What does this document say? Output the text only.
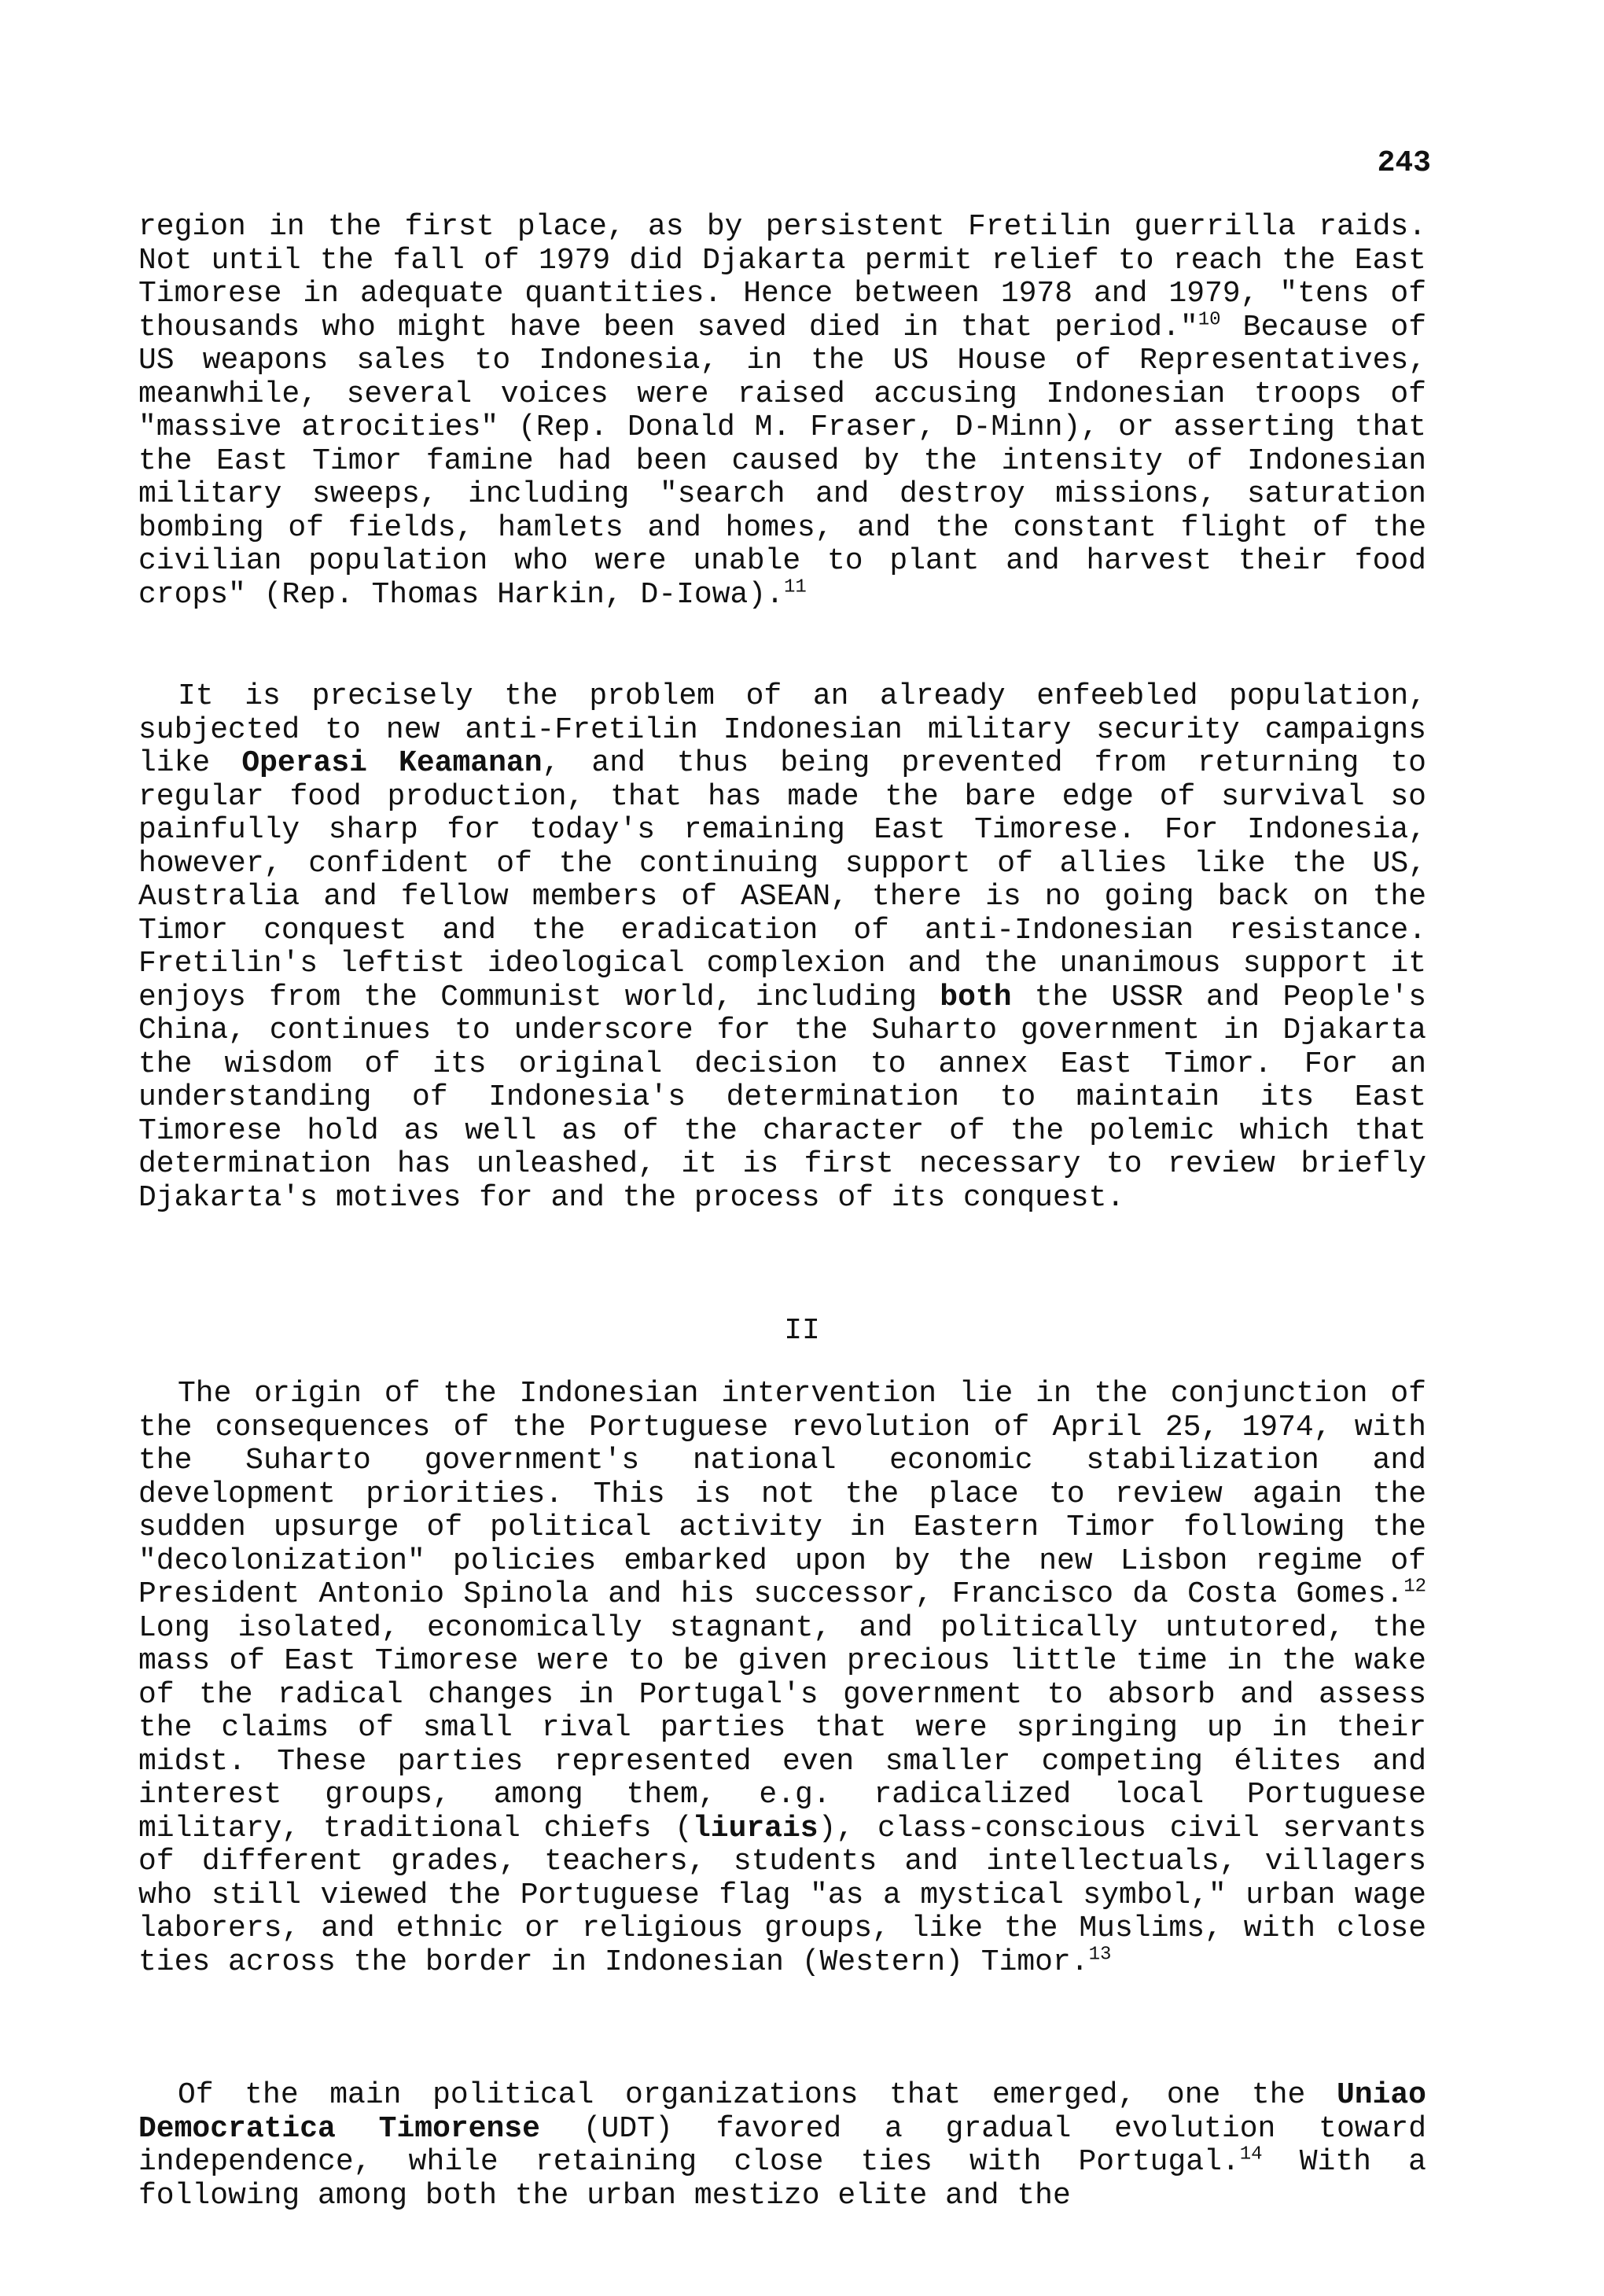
243

region in the first place, as by persistent Fretilin guerrilla raids. Not until the fall of 1979 did Djakarta permit relief to reach the East Timorese in adequate quantities. Hence between 1978 and 1979, "tens of thousands who might have been saved died in that period."$^{10}$ Because of US weapons sales to Indonesia, in the US House of Representatives, meanwhile, several voices were raised accusing Indonesian troops of "massive atrocities" (Rep. Donald M. Fraser, D-Minn), or asserting that the East Timor famine had been caused by the intensity of Indonesian military sweeps, including "search and destroy missions, saturation bombing of fields, hamlets and homes, and the constant flight of the civilian population who were unable to plant and harvest their food crops" (Rep. Thomas Harkin, D-Iowa).$^{11}$

It is precisely the problem of an already enfeebled population, subjected to new anti-Fretilin Indonesian military security campaigns like Operasi Keamanan, and thus being prevented from returning to regular food production, that has made the bare edge of survival so painfully sharp for today's remaining East Timorese. For Indonesia, however, confident of the continuing support of allies like the US, Australia and fellow members of ASEAN, there is no going back on the Timor conquest and the eradication of anti-Indonesian resistance. Fretilin's leftist ideological complexion and the unanimous support it enjoys from the Communist world, including both the USSR and People's China, continues to underscore for the Suharto government in Djakarta the wisdom of its original decision to annex East Timor. For an understanding of Indonesia's determination to maintain its East Timorese hold as well as of the character of the polemic which that determination has unleashed, it is first necessary to review briefly Djakarta's motives for and the process of its conquest.

II

The origin of the Indonesian intervention lie in the conjunction of the consequences of the Portuguese revolution of April 25, 1974, with the Suharto government's national economic stabilization and development priorities. This is not the place to review again the sudden upsurge of political activity in Eastern Timor following the "decolonization" policies embarked upon by the new Lisbon regime of President Antonio Spinola and his successor, Francisco da Costa Gomes.$^{12}$ Long isolated, economically stagnant, and politically untutored, the mass of East Timorese were to be given precious little time in the wake of the radical changes in Portugal's government to absorb and assess the claims of small rival parties that were springing up in their midst. These parties represented even smaller competing élites and interest groups, among them, e.g. radicalized local Portuguese military, traditional chiefs (liurais), class-conscious civil servants of different grades, teachers, students and intellectuals, villagers who still viewed the Portuguese flag "as a mystical symbol," urban wage laborers, and ethnic or religious groups, like the Muslims, with close ties across the border in Indonesian (Western) Timor.$^{13}$

Of the main political organizations that emerged, one the Uniao Democratica Timorense (UDT) favored a gradual evolution toward independence, while retaining close ties with Portugal.$^{14}$ With a following among both the urban mestizo elite and the
